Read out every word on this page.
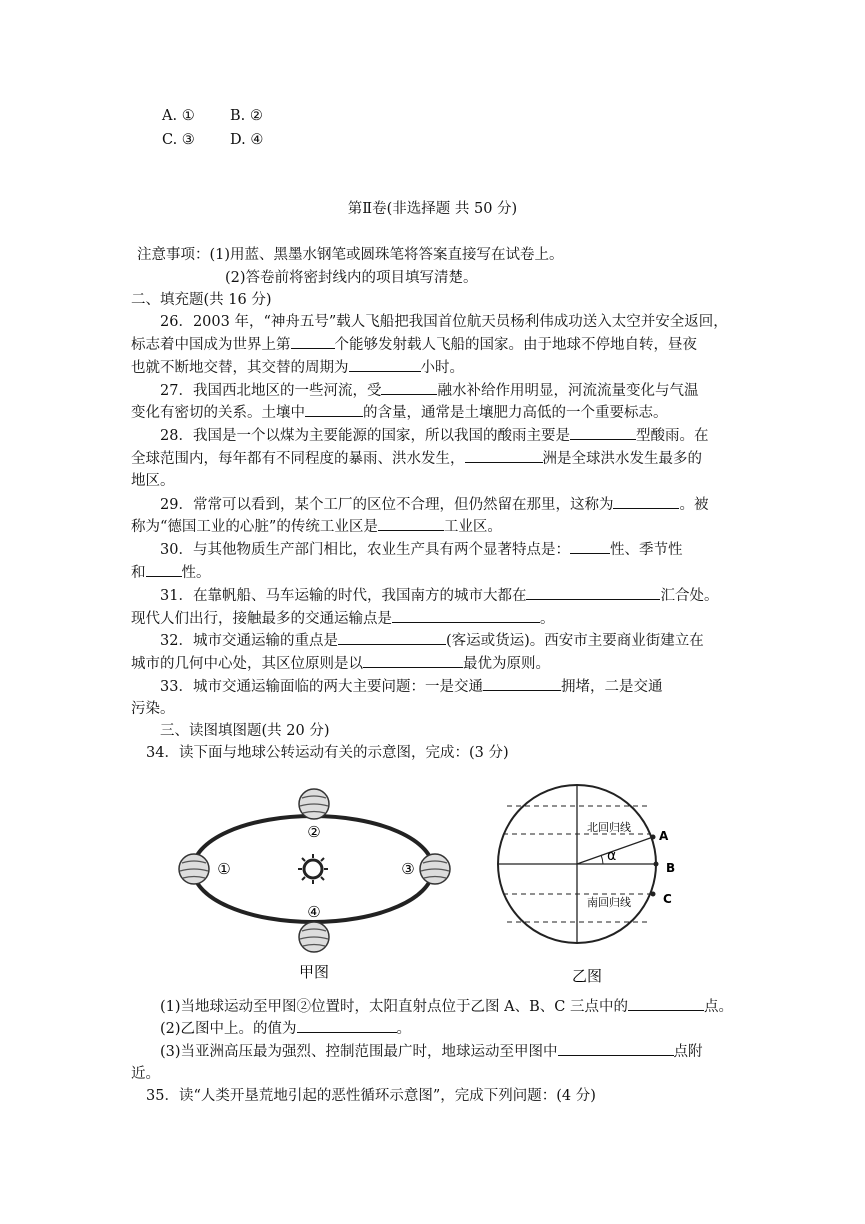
A. ① B. ②
C. ③ D. ④
第Ⅱ卷(非选择题 共 50 分)
注意事项：(1)用蓝、黑墨水钢笔或圆珠笔将答案直接写在试卷上。
(2)答卷前将密封线内的项目填写清楚。
二、填充题(共 16 分)
26．2003 年，“神舟五号”载人飞船把我国首位航天员杨利伟成功送入太空并安全返回，
标志着中国成为世界上第	个能够发射载人飞船的国家。由于地球不停地自转，昼夜
也就不断地交替，其交替的周期为	小时。
27．我国西北地区的一些河流，受	融水补给作用明显，河流流量变化与气温
变化有密切的关系。土壤中	的含量，通常是土壤肥力高低的一个重要标志。
28．我国是一个以煤为主要能源的国家，所以我国的酸雨主要是	型酸雨。在
全球范围内，每年都有不同程度的暴雨、洪水发生，	洲是全球洪水发生最多的
地区。
29．常常可以看到，某个工厂的区位不合理，但仍然留在那里，这称为	。被
称为“德国工业的心脏”的传统工业区是	工业区。
30．与其他物质生产部门相比，农业生产具有两个显著特点是：	性、季节性
和 性。
31．在靠帆船、马车运输的时代，我国南方的城市大都在	汇合处。
现代人们出行，接触最多的交通运输点是	。
32．城市交通运输的重点是	(客运或货运)。西安市主要商业街建立在
城市的几何中心处，其区位原则是以	最优为原则。
33．城市交通运输面临的两大主要问题：一是交通	拥堵，二是交通
污染。
三、读图填图题(共 20 分)
34．读下面与地球公转运动有关的示意图，完成：(3 分)
②
①	③
④
甲图
α
北回归线
南回归线
A
B
C
乙图
(1)当地球运动至甲图②位置时，太阳直射点位于乙图 A、B、C 三点中的	点。
(2)乙图中上。的值为	。
(3)当亚洲高压最为强烈、控制范围最广时，地球运动至甲图中	点附
近。
35．读“人类开垦荒地引起的恶性循环示意图”，完成下列问题：(4 分)
